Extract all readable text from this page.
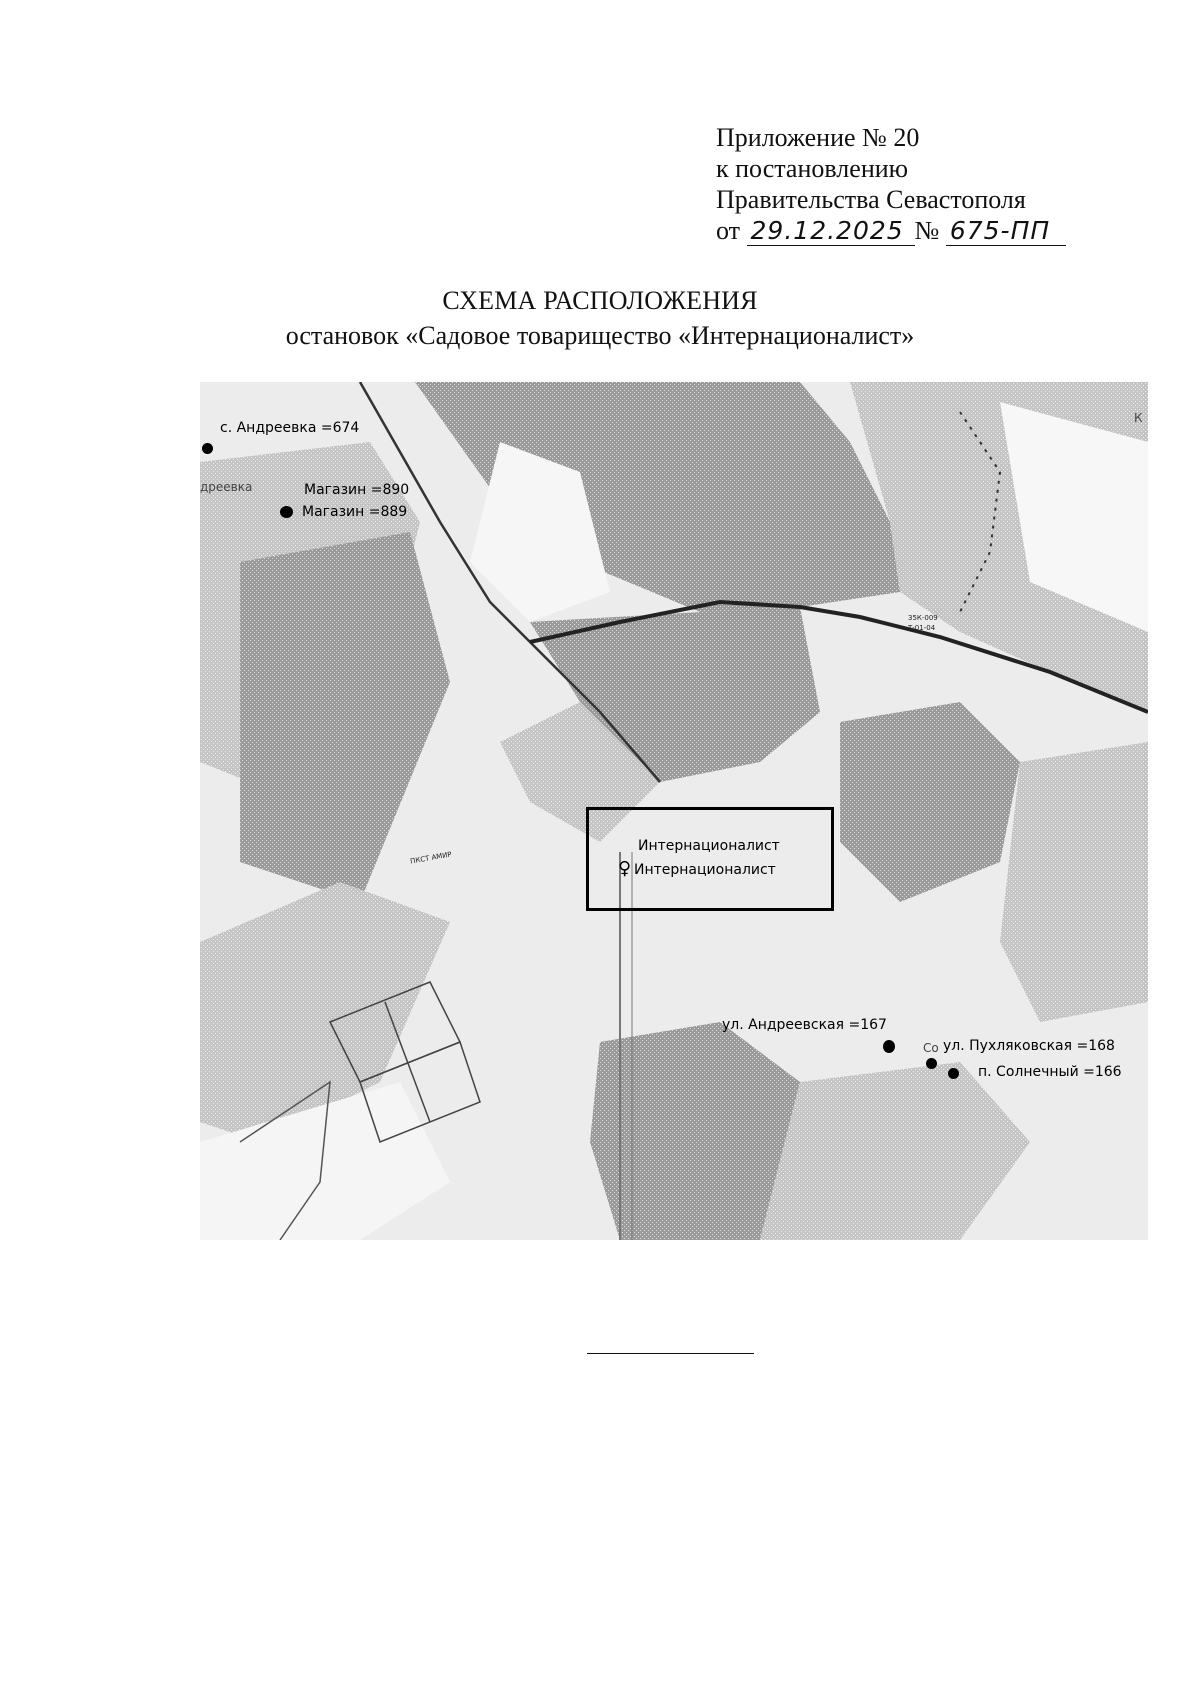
Приложение № 20
к постановлению
Правительства Севастополя
от 29.12.2025 № 675-ПП
СХЕМА РАСПОЛОЖЕНИЯ
остановок «Садовое товарищество «Интернационалист»
с. Андреевка =674
дреевка	Магазин =890
Магазин =889
35К-009
Т-01-04
К
ПКСТ АМИР
Интернационалист
♀ Интернационалист
ул. Андреевская =167
Со ул. Пухляковская =168
п. Солнечный =166
